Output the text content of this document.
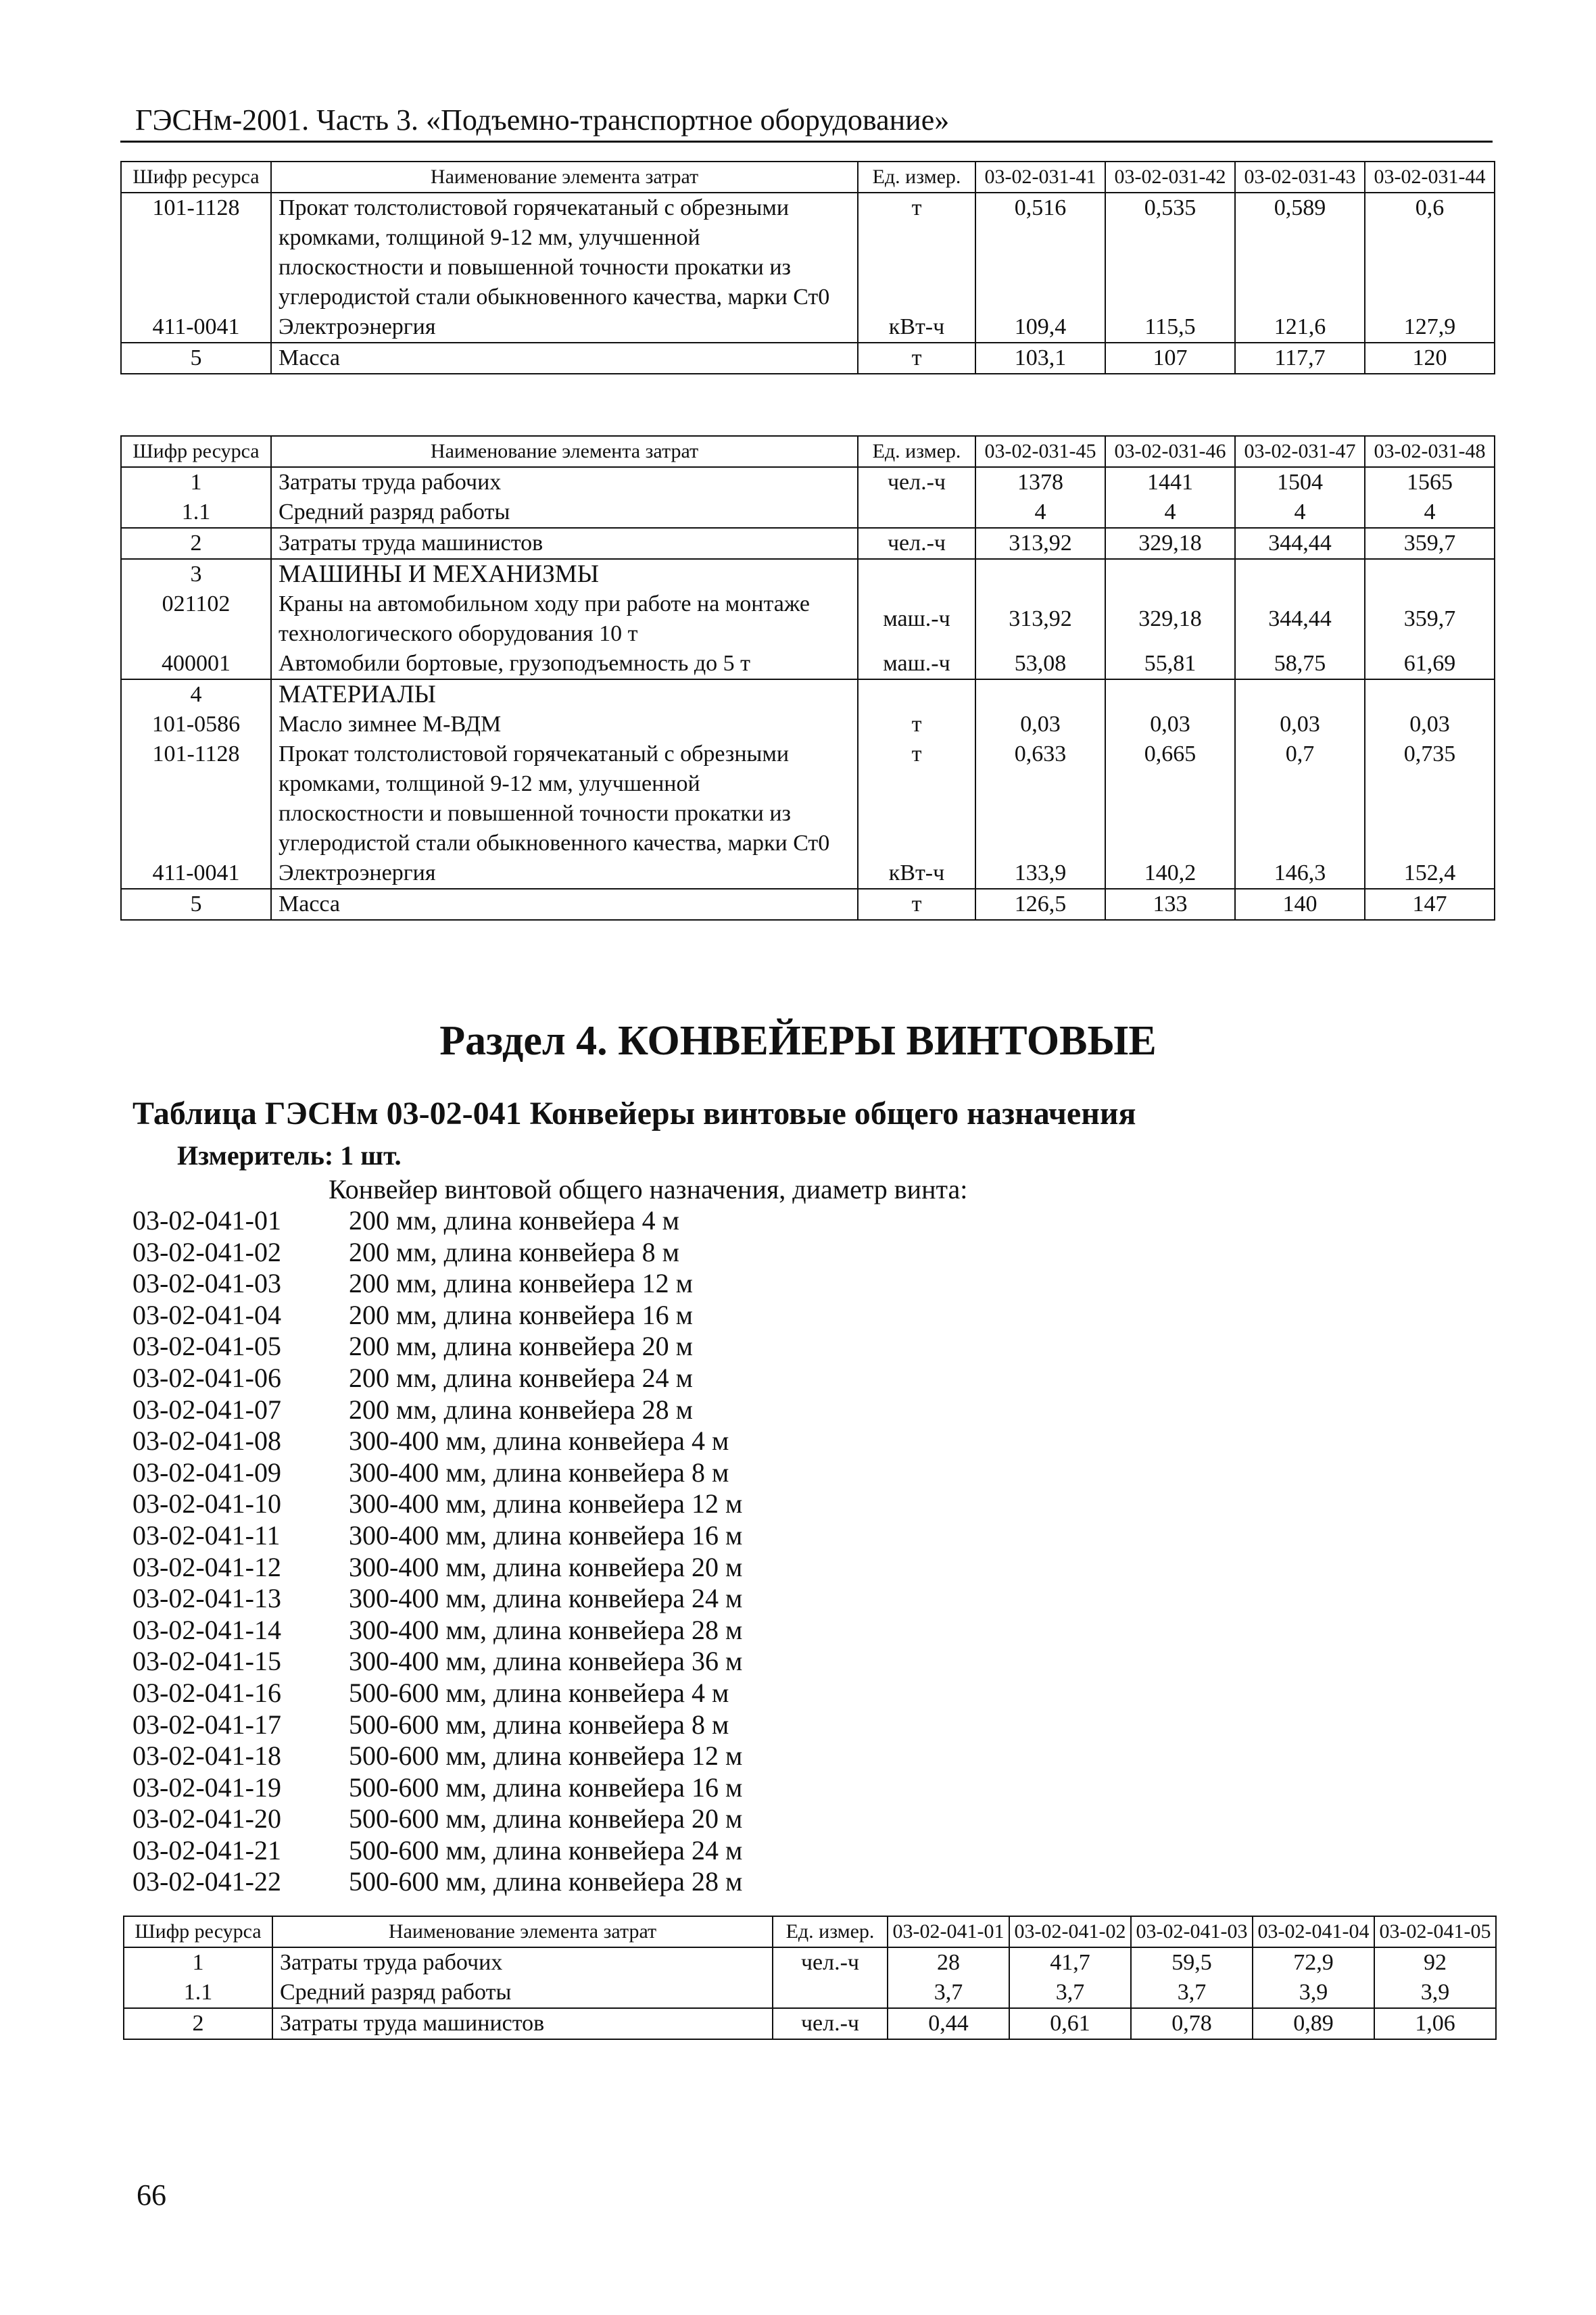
ГЭСНм-2001. Часть 3. «Подъемно-транспортное оборудование»
Шифр ресурса	Наименование элемента затрат	Ед. измер.	03-02-031-41	03-02-031-42	03-02-031-43	03-02-031-44
101-1128	Прокат толстолистовой горячекатаный с обрезными кромками, толщиной 9-12 мм, улучшенной плоскостности и повышенной точности прокатки из углеродистой стали обыкновенного качества, марки Ст0	т	0,516	0,535	0,589	0,6
411-0041	Электроэнергия	кВт-ч	109,4	115,5	121,6	127,9
5	Масса	т	103,1	107	117,7	120
Шифр ресурса	Наименование элемента затрат	Ед. измер.	03-02-031-45	03-02-031-46	03-02-031-47	03-02-031-48
1	Затраты труда рабочих	чел.-ч	1378	1441	1504	1565
1.1	Средний разряд работы		4	4	4	4
2	Затраты труда машинистов	чел.-ч	313,92	329,18	344,44	359,7
3	МАШИНЫ И МЕХАНИЗМЫ					
021102	Краны на автомобильном ходу при работе на монтаже технологического оборудования 10 т	маш.-ч	313,92	329,18	344,44	359,7
400001	Автомобили бортовые, грузоподъемность до 5 т	маш.-ч	53,08	55,81	58,75	61,69
4	МАТЕРИАЛЫ					
101-0586	Масло зимнее М-ВДМ	т	0,03	0,03	0,03	0,03
101-1128	Прокат толстолистовой горячекатаный с обрезными кромками, толщиной 9-12 мм, улучшенной плоскостности и повышенной точности прокатки из углеродистой стали обыкновенного качества, марки Ст0	т	0,633	0,665	0,7	0,735
411-0041	Электроэнергия	кВт-ч	133,9	140,2	146,3	152,4
5	Масса	т	126,5	133	140	147
Раздел 4. КОНВЕЙЕРЫ ВИНТОВЫЕ
Таблица ГЭСНм 03-02-041 Конвейеры винтовые общего назначения
Измеритель: 1 шт.
Конвейер винтовой общего назначения, диаметр винта:
03-02-041-01	200 мм, длина конвейера 4 м
03-02-041-02	200 мм, длина конвейера 8 м
03-02-041-03	200 мм, длина конвейера 12 м
03-02-041-04	200 мм, длина конвейера 16 м
03-02-041-05	200 мм, длина конвейера 20 м
03-02-041-06	200 мм, длина конвейера 24 м
03-02-041-07	200 мм, длина конвейера 28 м
03-02-041-08	300-400 мм, длина конвейера 4 м
03-02-041-09	300-400 мм, длина конвейера 8 м
03-02-041-10	300-400 мм, длина конвейера 12 м
03-02-041-11	300-400 мм, длина конвейера 16 м
03-02-041-12	300-400 мм, длина конвейера 20 м
03-02-041-13	300-400 мм, длина конвейера 24 м
03-02-041-14	300-400 мм, длина конвейера 28 м
03-02-041-15	300-400 мм, длина конвейера 36 м
03-02-041-16	500-600 мм, длина конвейера 4 м
03-02-041-17	500-600 мм, длина конвейера 8 м
03-02-041-18	500-600 мм, длина конвейера 12 м
03-02-041-19	500-600 мм, длина конвейера 16 м
03-02-041-20	500-600 мм, длина конвейера 20 м
03-02-041-21	500-600 мм, длина конвейера 24 м
03-02-041-22	500-600 мм, длина конвейера 28 м
Шифр ресурса	Наименование элемента затрат	Ед. измер.	03-02-041-01	03-02-041-02	03-02-041-03	03-02-041-04	03-02-041-05
1	Затраты труда рабочих	чел.-ч	28	41,7	59,5	72,9	92
1.1	Средний разряд работы		3,7	3,7	3,7	3,9	3,9
2	Затраты труда машинистов	чел.-ч	0,44	0,61	0,78	0,89	1,06
66
